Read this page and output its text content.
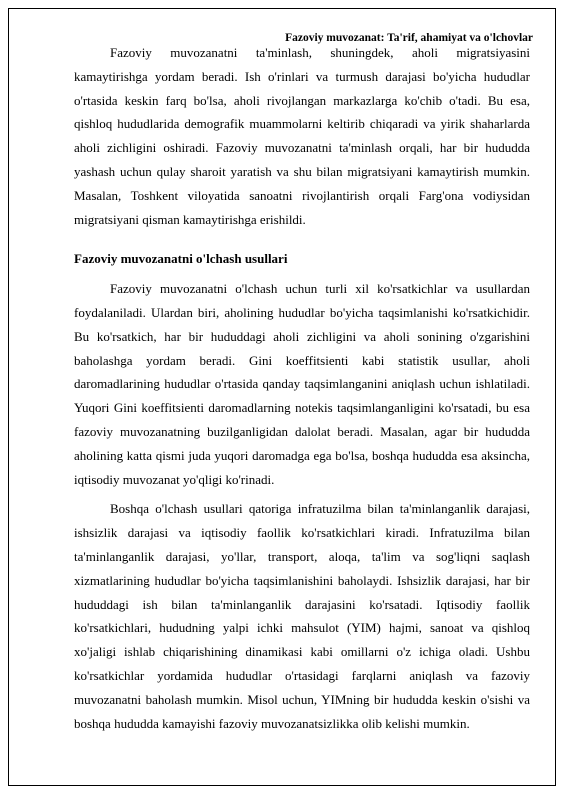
Fazoviy muvozanat: Ta'rif, ahamiyat va o'lchovlar

Fazoviy muvozanatni ta'minlash, shuningdek, aholi migratsiyasini kamaytirishga yordam beradi. Ish o'rinlari va turmush darajasi bo'yicha hududlar o'rtasida keskin farq bo'lsa, aholi rivojlangan markazlarga ko'chib o'tadi. Bu esa, qishloq hududlarida demografik muammolarni keltirib chiqaradi va yirik shaharlarda aholi zichligini oshiradi. Fazoviy muvozanatni ta'minlash orqali, har bir hududda yashash uchun qulay sharoit yaratish va shu bilan migratsiyani kamaytirish mumkin. Masalan, Toshkent viloyatida sanoatni rivojlantirish orqali Farg'ona vodiysidan migratsiyani qisman kamaytirishga erishildi.

Fazoviy muvozanatni o'lchash usullari

Fazoviy muvozanatni o'lchash uchun turli xil ko'rsatkichlar va usullardan foydalaniladi. Ulardan biri, aholining hududlar bo'yicha taqsimlanishi ko'rsatkichidir. Bu ko'rsatkich, har bir hududdagi aholi zichligini va aholi sonining o'zgarishini baholashga yordam beradi. Gini koeffitsienti kabi statistik usullar, aholi daromadlarining hududlar o'rtasida qanday taqsimlanganini aniqlash uchun ishlatiladi. Yuqori Gini koeffitsienti daromadlarning notekis taqsimlanganligini ko'rsatadi, bu esa fazoviy muvozanatning buzilganligidan dalolat beradi. Masalan, agar bir hududda aholining katta qismi juda yuqori daromadga ega bo'lsa, boshqa hududda esa aksincha, iqtisodiy muvozanat yo'qligi ko'rinadi.

Boshqa o'lchash usullari qatoriga infratuzilma bilan ta'minlanganlik darajasi, ishsizlik darajasi va iqtisodiy faollik ko'rsatkichlari kiradi. Infratuzilma bilan ta'minlanganlik darajasi, yo'llar, transport, aloqa, ta'lim va sog'liqni saqlash xizmatlarining hududlar bo'yicha taqsimlanishini baholaydi. Ishsizlik darajasi, har bir hududdagi ish bilan ta'minlanganlik darajasini ko'rsatadi. Iqtisodiy faollik ko'rsatkichlari, hududning yalpi ichki mahsulot (YIM) hajmi, sanoat va qishloq xo'jaligi ishlab chiqarishining dinamikasi kabi omillarni o'z ichiga oladi. Ushbu ko'rsatkichlar yordamida hududlar o'rtasidagi farqlarni aniqlash va fazoviy muvozanatni baholash mumkin. Misol uchun, YIMning bir hududda keskin o'sishi va boshqa hududda kamayishi fazoviy muvozanatsizlikka olib kelishi mumkin.
